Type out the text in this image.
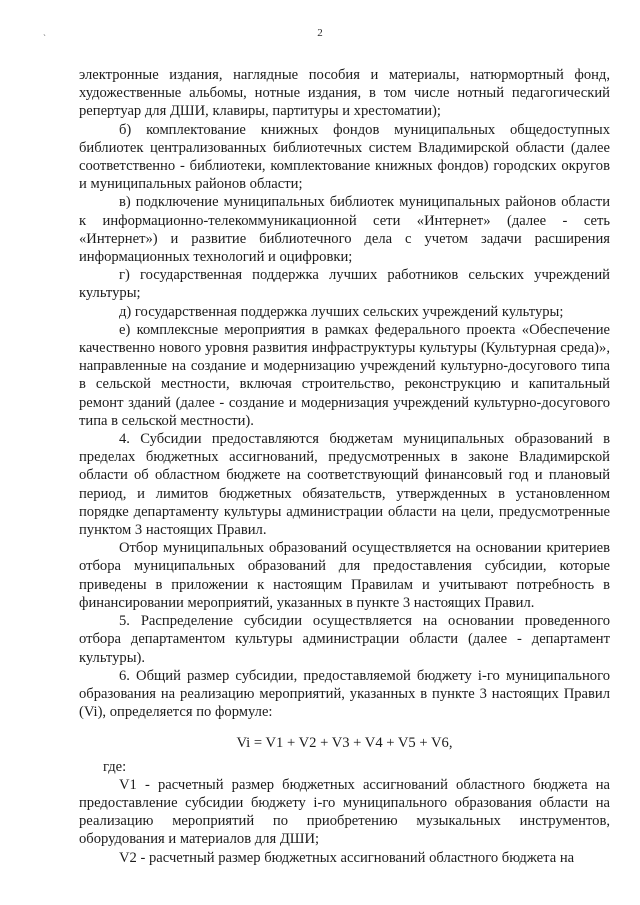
2
`

электронные издания, наглядные пособия и материалы, натюрмортный фонд, художественные альбомы, нотные издания, в том числе нотный педагогический репертуар для ДШИ, клавиры, партитуры и хрестоматии);

б) комплектование книжных фондов муниципальных общедоступных библиотек централизованных библиотечных систем Владимирской области (далее соответственно - библиотеки, комплектование книжных фондов) городских округов и муниципальных районов области;

в) подключение муниципальных библиотек муниципальных районов области к информационно-телекоммуникационной сети «Интернет» (далее - сеть «Интернет») и развитие библиотечного дела с учетом задачи расширения информационных технологий и оцифровки;

г) государственная поддержка лучших работников сельских учреждений культуры;

д) государственная поддержка лучших сельских учреждений культуры;

е) комплексные мероприятия в рамках федерального проекта «Обеспечение качественно нового уровня развития инфраструктуры культуры (Культурная среда)», направленные на создание и модернизацию учреждений культурно-досугового типа в сельской местности, включая строительство, реконструкцию и капитальный ремонт зданий (далее - создание и модернизация учреждений культурно-досугового типа в сельской местности).

4. Субсидии предоставляются бюджетам муниципальных образований в пределах бюджетных ассигнований, предусмотренных в законе Владимирской области об областном бюджете на соответствующий финансовый год и плановый период, и лимитов бюджетных обязательств, утвержденных в установленном порядке департаменту культуры администрации области на цели, предусмотренные пунктом 3 настоящих Правил.

Отбор муниципальных образований осуществляется на основании критериев отбора муниципальных образований для предоставления субсидии, которые приведены в приложении к настоящим Правилам и учитывают потребность в финансировании мероприятий, указанных в пункте 3 настоящих Правил.

5. Распределение субсидии осуществляется на основании проведенного отбора департаментом культуры администрации области (далее - департамент культуры).

6. Общий размер субсидии, предоставляемой бюджету i-го муниципального образования на реализацию мероприятий, указанных в пункте 3 настоящих Правил (Vi), определяется по формуле:

Vi = V1 + V2 + V3 + V4 + V5 + V6,

где:

V1 - расчетный размер бюджетных ассигнований областного бюджета на предоставление субсидии бюджету i-го муниципального образования области на реализацию мероприятий по приобретению музыкальных инструментов, оборудования и материалов для ДШИ;

V2 - расчетный размер бюджетных ассигнований областного бюджета на
